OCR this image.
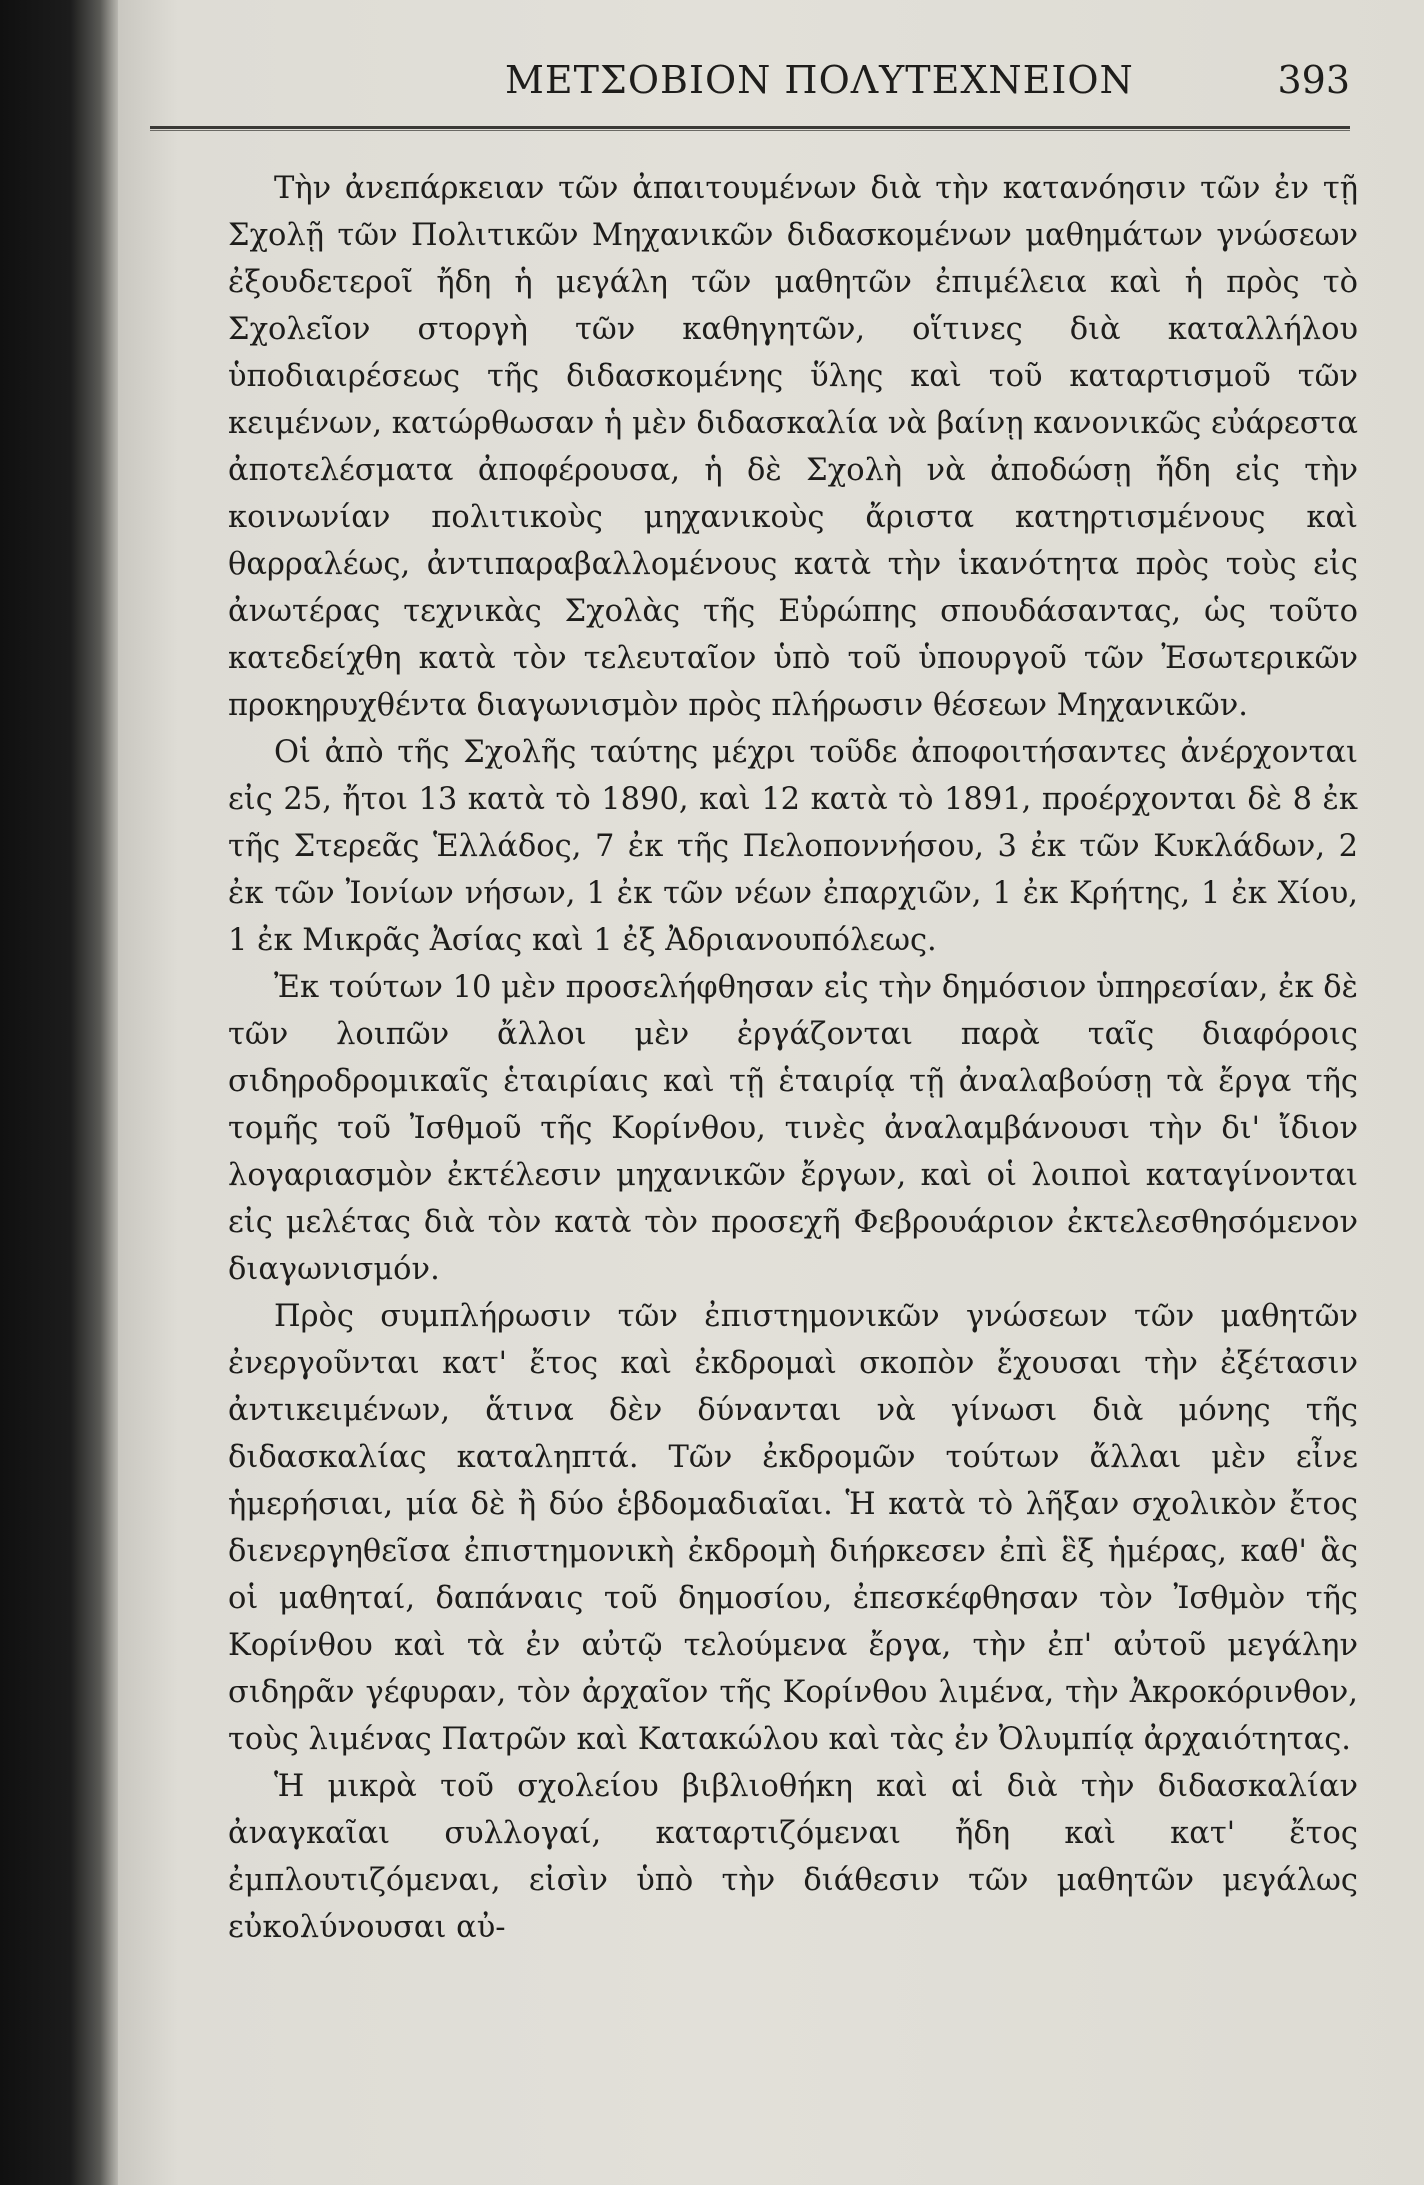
ΜΕΤΣΟΒΙΟΝ ΠΟΛΥΤΕΧΝΕΙΟΝ	393

Τὴν ἀνεπάρκειαν τῶν ἀπαιτουμένων διὰ τὴν κατανόησιν τῶν ἐν τῇ Σχολῇ τῶν Πολιτικῶν Μηχανικῶν διδασκομένων μαθημάτων γνώσεων ἐξουδετεροῖ ἤδη ἡ μεγάλη τῶν μαθητῶν ἐπιμέλεια καὶ ἡ πρὸς τὸ Σχολεῖον στοργὴ τῶν καθηγητῶν, οἵτινες διὰ καταλλήλου ὑποδιαιρέσεως τῆς διδασκομένης ὕλης καὶ τοῦ καταρτισμοῦ τῶν κειμένων, κατώρθωσαν ἡ μὲν διδασκαλία νὰ βαίνῃ κανονικῶς εὐάρεστα ἀποτελέσματα ἀποφέρουσα, ἡ δὲ Σχολὴ νὰ ἀποδώσῃ ἤδη εἰς τὴν κοινωνίαν πολιτικοὺς μηχανικοὺς ἄριστα κατηρτισμένους καὶ θαρραλέως, ἀντιπαραβαλλομένους κατὰ τὴν ἱκανότητα πρὸς τοὺς εἰς ἀνωτέρας τεχνικὰς Σχολὰς τῆς Εὐρώπης σπουδάσαντας, ὡς τοῦτο κατεδείχθη κατὰ τὸν τελευταῖον ὑπὸ τοῦ ὑπουργοῦ τῶν Ἐσωτερικῶν προκηρυχθέντα διαγωνισμὸν πρὸς πλήρωσιν θέσεων Μηχανικῶν.

Οἱ ἀπὸ τῆς Σχολῆς ταύτης μέχρι τοῦδε ἀποφοιτήσαντες ἀνέρχονται εἰς 25, ἤτοι 13 κατὰ τὸ 1890, καὶ 12 κατὰ τὸ 1891, προέρχονται δὲ 8 ἐκ τῆς Στερεᾶς Ἑλλάδος, 7 ἐκ τῆς Πελοποννήσου, 3 ἐκ τῶν Κυκλάδων, 2 ἐκ τῶν Ἰονίων νήσων, 1 ἐκ τῶν νέων ἐπαρχιῶν, 1 ἐκ Κρήτης, 1 ἐκ Χίου, 1 ἐκ Μικρᾶς Ἀσίας καὶ 1 ἐξ Ἀδριανουπόλεως.

Ἐκ τούτων 10 μὲν προσελήφθησαν εἰς τὴν δημόσιον ὑπηρεσίαν, ἐκ δὲ τῶν λοιπῶν ἄλλοι μὲν ἐργάζονται παρὰ ταῖς διαφόροις σιδηροδρομικαῖς ἑταιρίαις καὶ τῇ ἑταιρίᾳ τῇ ἀναλαβούσῃ τὰ ἔργα τῆς τομῆς τοῦ Ἰσθμοῦ τῆς Κορίνθου, τινὲς ἀναλαμβάνουσι τὴν δι' ἴδιον λογαριασμὸν ἐκτέλεσιν μηχανικῶν ἔργων, καὶ οἱ λοιποὶ καταγίνονται εἰς μελέτας διὰ τὸν κατὰ τὸν προσεχῆ Φεβρουάριον ἐκτελεσθησόμενον διαγωνισμόν.

Πρὸς συμπλήρωσιν τῶν ἐπιστημονικῶν γνώσεων τῶν μαθητῶν ἐνεργοῦνται κατ' ἔτος καὶ ἐκδρομαὶ σκοπὸν ἔχουσαι τὴν ἐξέτασιν ἀντικειμένων, ἅτινα δὲν δύνανται νὰ γίνωσι διὰ μόνης τῆς διδασκαλίας καταληπτά. Τῶν ἐκδρομῶν τούτων ἄλλαι μὲν εἶνε ἡμερήσιαι, μία δὲ ἢ δύο ἑβδομαδιαῖαι. Ἡ κατὰ τὸ λῆξαν σχολικὸν ἔτος διενεργηθεῖσα ἐπιστημονικὴ ἐκδρομὴ διήρκεσεν ἐπὶ ἓξ ἡμέρας, καθ' ἃς οἱ μαθηταί, δαπάναις τοῦ δημοσίου, ἐπεσκέφθησαν τὸν Ἰσθμὸν τῆς Κορίνθου καὶ τὰ ἐν αὐτῷ τελούμενα ἔργα, τὴν ἐπ' αὐτοῦ μεγάλην σιδηρᾶν γέφυραν, τὸν ἀρχαῖον τῆς Κορίνθου λιμένα, τὴν Ἀκροκόρινθον, τοὺς λιμένας Πατρῶν καὶ Κατακώλου καὶ τὰς ἐν Ὀλυμπίᾳ ἀρχαιότητας.

Ἡ μικρὰ τοῦ σχολείου βιβλιοθήκη καὶ αἱ διὰ τὴν διδασκαλίαν ἀναγκαῖαι συλλογαί, καταρτιζόμεναι ἤδη καὶ κατ' ἔτος ἐμπλουτιζόμεναι, εἰσὶν ὑπὸ τὴν διάθεσιν τῶν μαθητῶν μεγάλως εὐκολύνουσαι αὐ-
